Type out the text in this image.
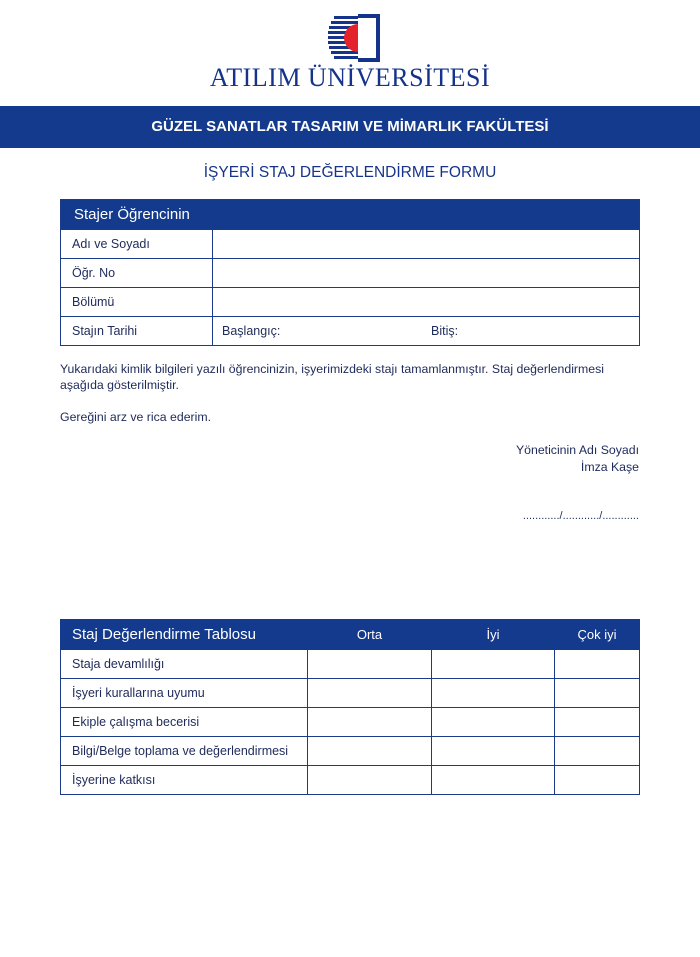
ATILIM ÜNİVERSİTESİ
GÜZEL SANATLAR TASARIM VE MİMARLIK FAKÜLTESİ
İŞYERİ STAJ DEĞERLENDİRME FORMU
Stajer Öğrencinin	
Adı ve Soyadı	
Öğr. No	
Bölümü	
Stajın Tarihi	Başlangıç: Bitiş:
Yukarıdaki kimlik bilgileri yazılı öğrencinizin, işyerimizdeki stajı tamamlanmıştır. Staj değerlendirmesi aşağıda gösterilmiştir.
Gereğini arz ve rica ederim.
Yöneticinin Adı Soyadı
İmza Kaşe
............/............/............
Staj Değerlendirme Tablosu	Orta	İyi	Çok iyi
Staja devamlılığı			
İşyeri kurallarına uyumu			
Ekiple çalışma becerisi			
Bilgi/Belge toplama ve değerlendirmesi			
İşyerine katkısı			
